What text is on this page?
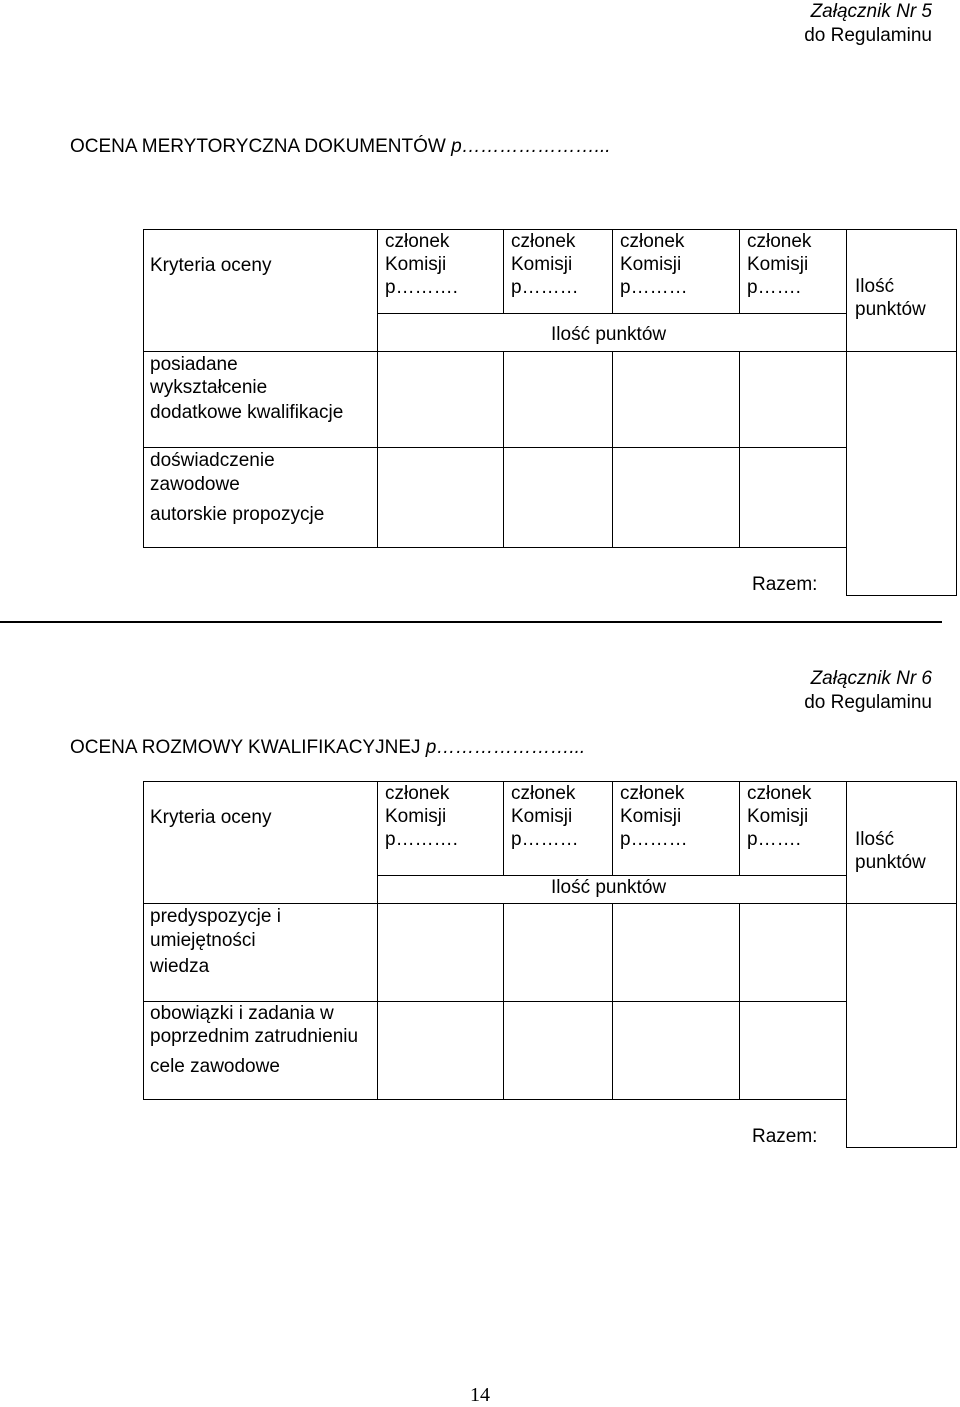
Załącznik Nr 5
do Regulaminu
OCENA MERYTORYCZNA DOKUMENTÓW p…………………...
Kryteria oceny
członek
Komisji
p……….
członek
Komisji
p………
członek
Komisji
p………
członek
Komisji
p…….
Ilość punktów
Ilość
punktów
posiadane
wykształcenie
dodatkowe kwalifikacje
doświadczenie
zawodowe
autorskie propozycje
Razem:
Załącznik Nr 6
do Regulaminu
OCENA ROZMOWY KWALIFIKACYJNEJ p…………………...
Kryteria oceny
członek
Komisji
p……….
członek
Komisji
p………
członek
Komisji
p………
członek
Komisji
p…….
Ilość punktów
Ilość
punktów
predyspozycje i
umiejętności
wiedza
obowiązki i zadania w
poprzednim zatrudnieniu
cele zawodowe
Razem:
14
